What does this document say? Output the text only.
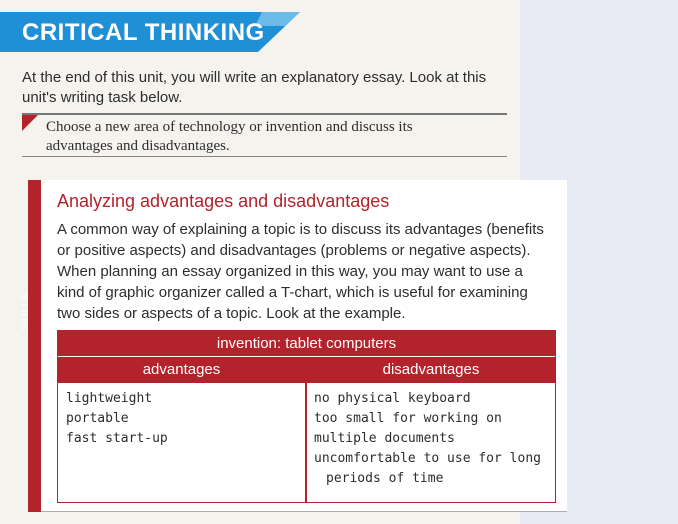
CRITICAL THINKING
At the end of this unit, you will write an explanatory essay. Look at this unit's writing task below.
Choose a new area of technology or invention and discuss its
advantages and disadvantages.
SKILLS
Analyzing advantages and disadvantages
A common way of explaining a topic is to discuss its advantages (benefits or positive aspects) and disadvantages (problems or negative aspects). When planning an essay organized in this way, you may want to use a kind of graphic organizer called a T-chart, which is useful for examining two sides or aspects of a topic. Look at the example.
invention: tablet computers
advantages	disadvantages
lightweight
portable
fast start-up
no physical keyboard
too small for working on
multiple documents
uncomfortable to use for long
periods of time
